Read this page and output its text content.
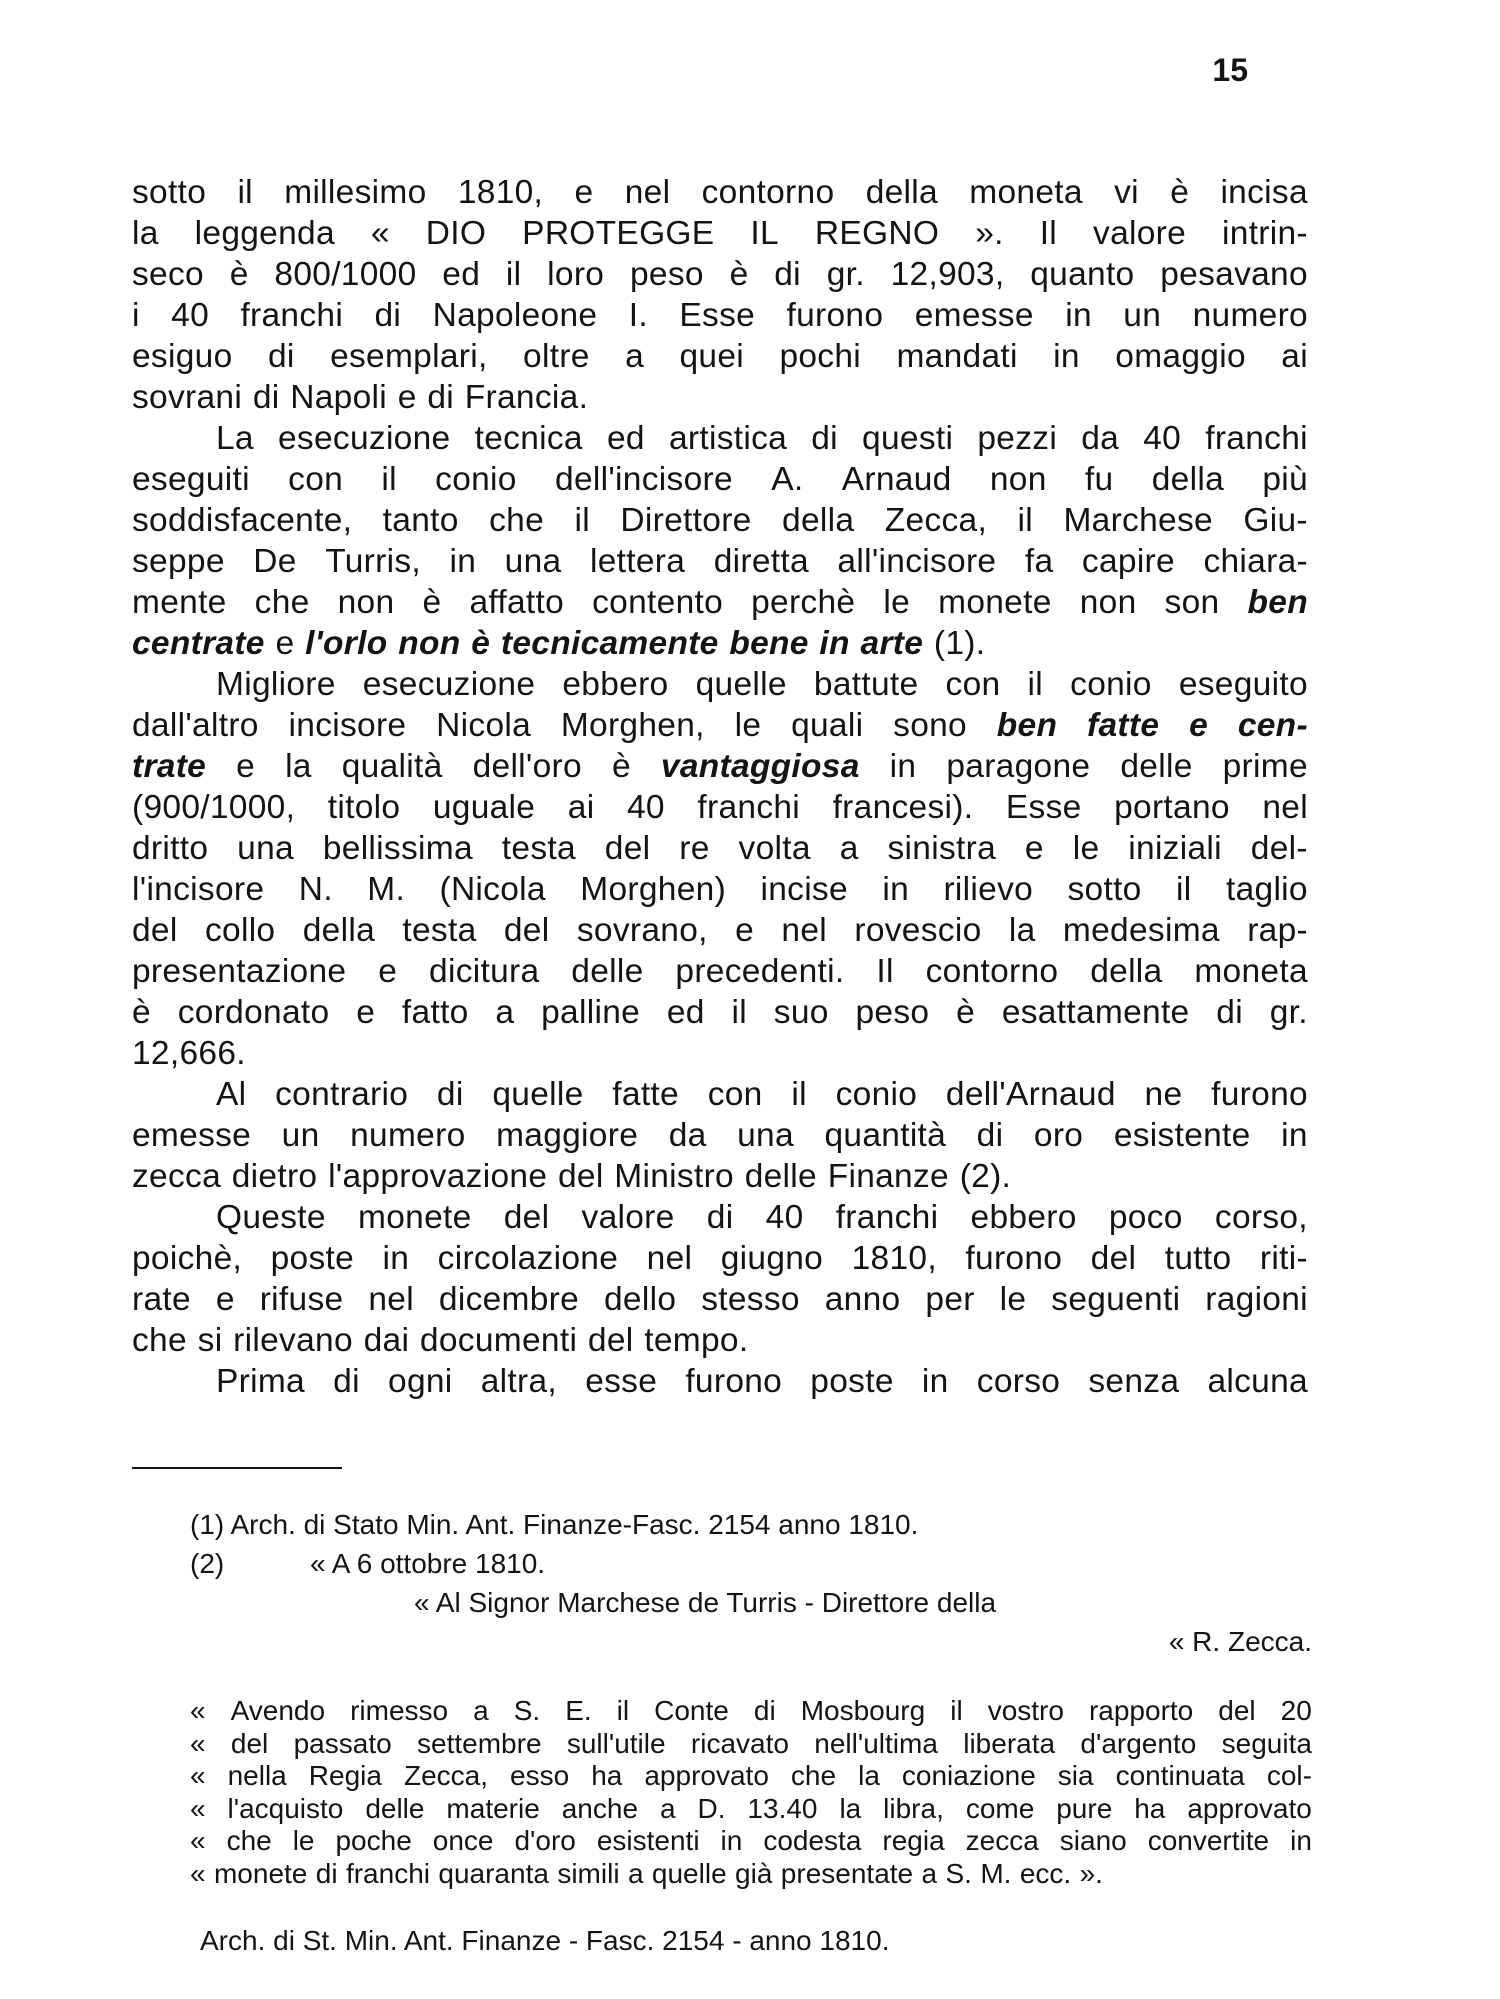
15
sotto il millesimo 1810, e nel contorno della moneta vi è incisa
la leggenda « DIO PROTEGGE IL REGNO ». Il valore intrin-
seco è 800/1000 ed il loro peso è di gr. 12,903, quanto pesavano
i 40 franchi di Napoleone I. Esse furono emesse in un numero
esiguo di esemplari, oltre a quei pochi mandati in omaggio ai
sovrani di Napoli e di Francia.
La esecuzione tecnica ed artistica di questi pezzi da 40 franchi
eseguiti con il conio dell'incisore A. Arnaud non fu della più
soddisfacente, tanto che il Direttore della Zecca, il Marchese Giu-
seppe De Turris, in una lettera diretta all'incisore fa capire chiara-
mente che non è affatto contento perchè le monete non son ben
centrate e l'orlo non è tecnicamente bene in arte (1).
Migliore esecuzione ebbero quelle battute con il conio eseguito
dall'altro incisore Nicola Morghen, le quali sono ben fatte e cen-
trate e la qualità dell'oro è vantaggiosa in paragone delle prime
(900/1000, titolo uguale ai 40 franchi francesi). Esse portano nel
dritto una bellissima testa del re volta a sinistra e le iniziali del-
l'incisore N. M. (Nicola Morghen) incise in rilievo sotto il taglio
del collo della testa del sovrano, e nel rovescio la medesima rap-
presentazione e dicitura delle precedenti. Il contorno della moneta
è cordonato e fatto a palline ed il suo peso è esattamente di gr.
12,666.
Al contrario di quelle fatte con il conio dell'Arnaud ne furono
emesse un numero maggiore da una quantità di oro esistente in
zecca dietro l'approvazione del Ministro delle Finanze (2).
Queste monete del valore di 40 franchi ebbero poco corso,
poichè, poste in circolazione nel giugno 1810, furono del tutto riti-
rate e rifuse nel dicembre dello stesso anno per le seguenti ragioni
che si rilevano dai documenti del tempo.
Prima di ogni altra, esse furono poste in corso senza alcuna
(1) Arch. di Stato Min. Ant. Finanze-Fasc. 2154 anno 1810.
(2)	« A 6 ottobre 1810.
« Al Signor Marchese de Turris - Direttore della
« R. Zecca.
« Avendo rimesso a S. E. il Conte di Mosbourg il vostro rapporto del 20
« del passato settembre sull'utile ricavato nell'ultima liberata d'argento seguita
« nella Regia Zecca, esso ha approvato che la coniazione sia continuata col-
« l'acquisto delle materie anche a D. 13.40 la libra, come pure ha approvato
« che le poche once d'oro esistenti in codesta regia zecca siano convertite in
« monete di franchi quaranta simili a quelle già presentate a S. M. ecc. ».
Arch. di St. Min. Ant. Finanze - Fasc. 2154 - anno 1810.
